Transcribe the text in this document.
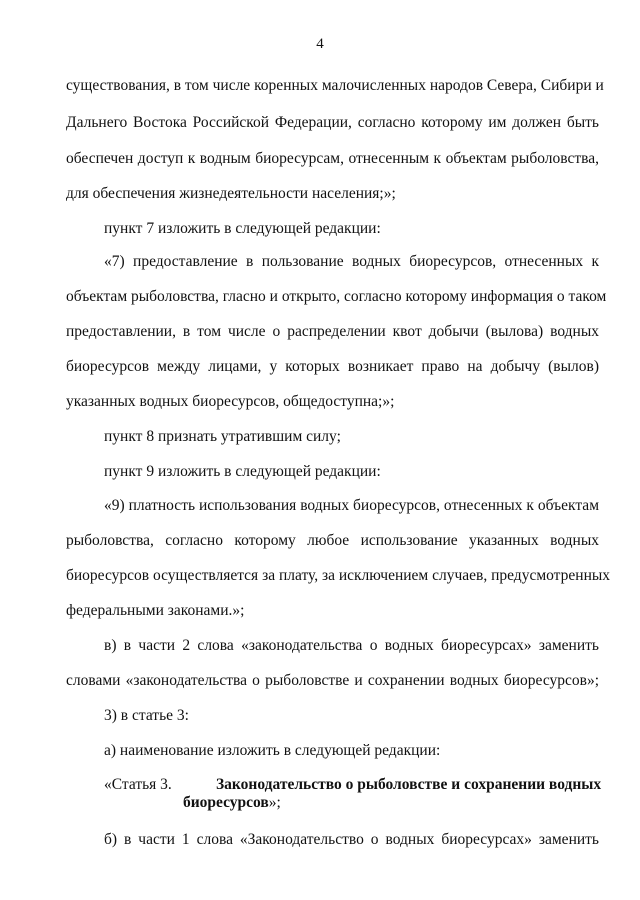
4
существования, в том числе коренных малочисленных народов Севера, Сибири и
Дальнего Востока Российской Федерации, согласно которому им должен быть
обеспечен доступ к водным биоресурсам, отнесенным к объектам рыболовства,
для обеспечения жизнедеятельности населения;»;
пункт 7 изложить в следующей редакции:
«7) предоставление в пользование водных биоресурсов, отнесенных к
объектам рыболовства, гласно и открыто, согласно которому информация о таком
предоставлении, в том числе о распределении квот добычи (вылова) водных
биоресурсов между лицами, у которых возникает право на добычу (вылов)
указанных водных биоресурсов, общедоступна;»;
пункт 8 признать утратившим силу;
пункт 9 изложить в следующей редакции:
«9) платность использования водных биоресурсов, отнесенных к объектам
рыболовства, согласно которому любое использование указанных водных
биоресурсов осуществляется за плату, за исключением случаев, предусмотренных
федеральными законами.»;
в) в части 2 слова «законодательства о водных биоресурсах» заменить
словами «законодательства о рыболовстве и сохранении водных биоресурсов»;
3) в статье 3:
а) наименование изложить в следующей редакции:
«Статья 3.	Законодательство о рыболовстве и сохранении водных
биоресурсов»;
б) в части 1 слова «Законодательство о водных биоресурсах» заменить
